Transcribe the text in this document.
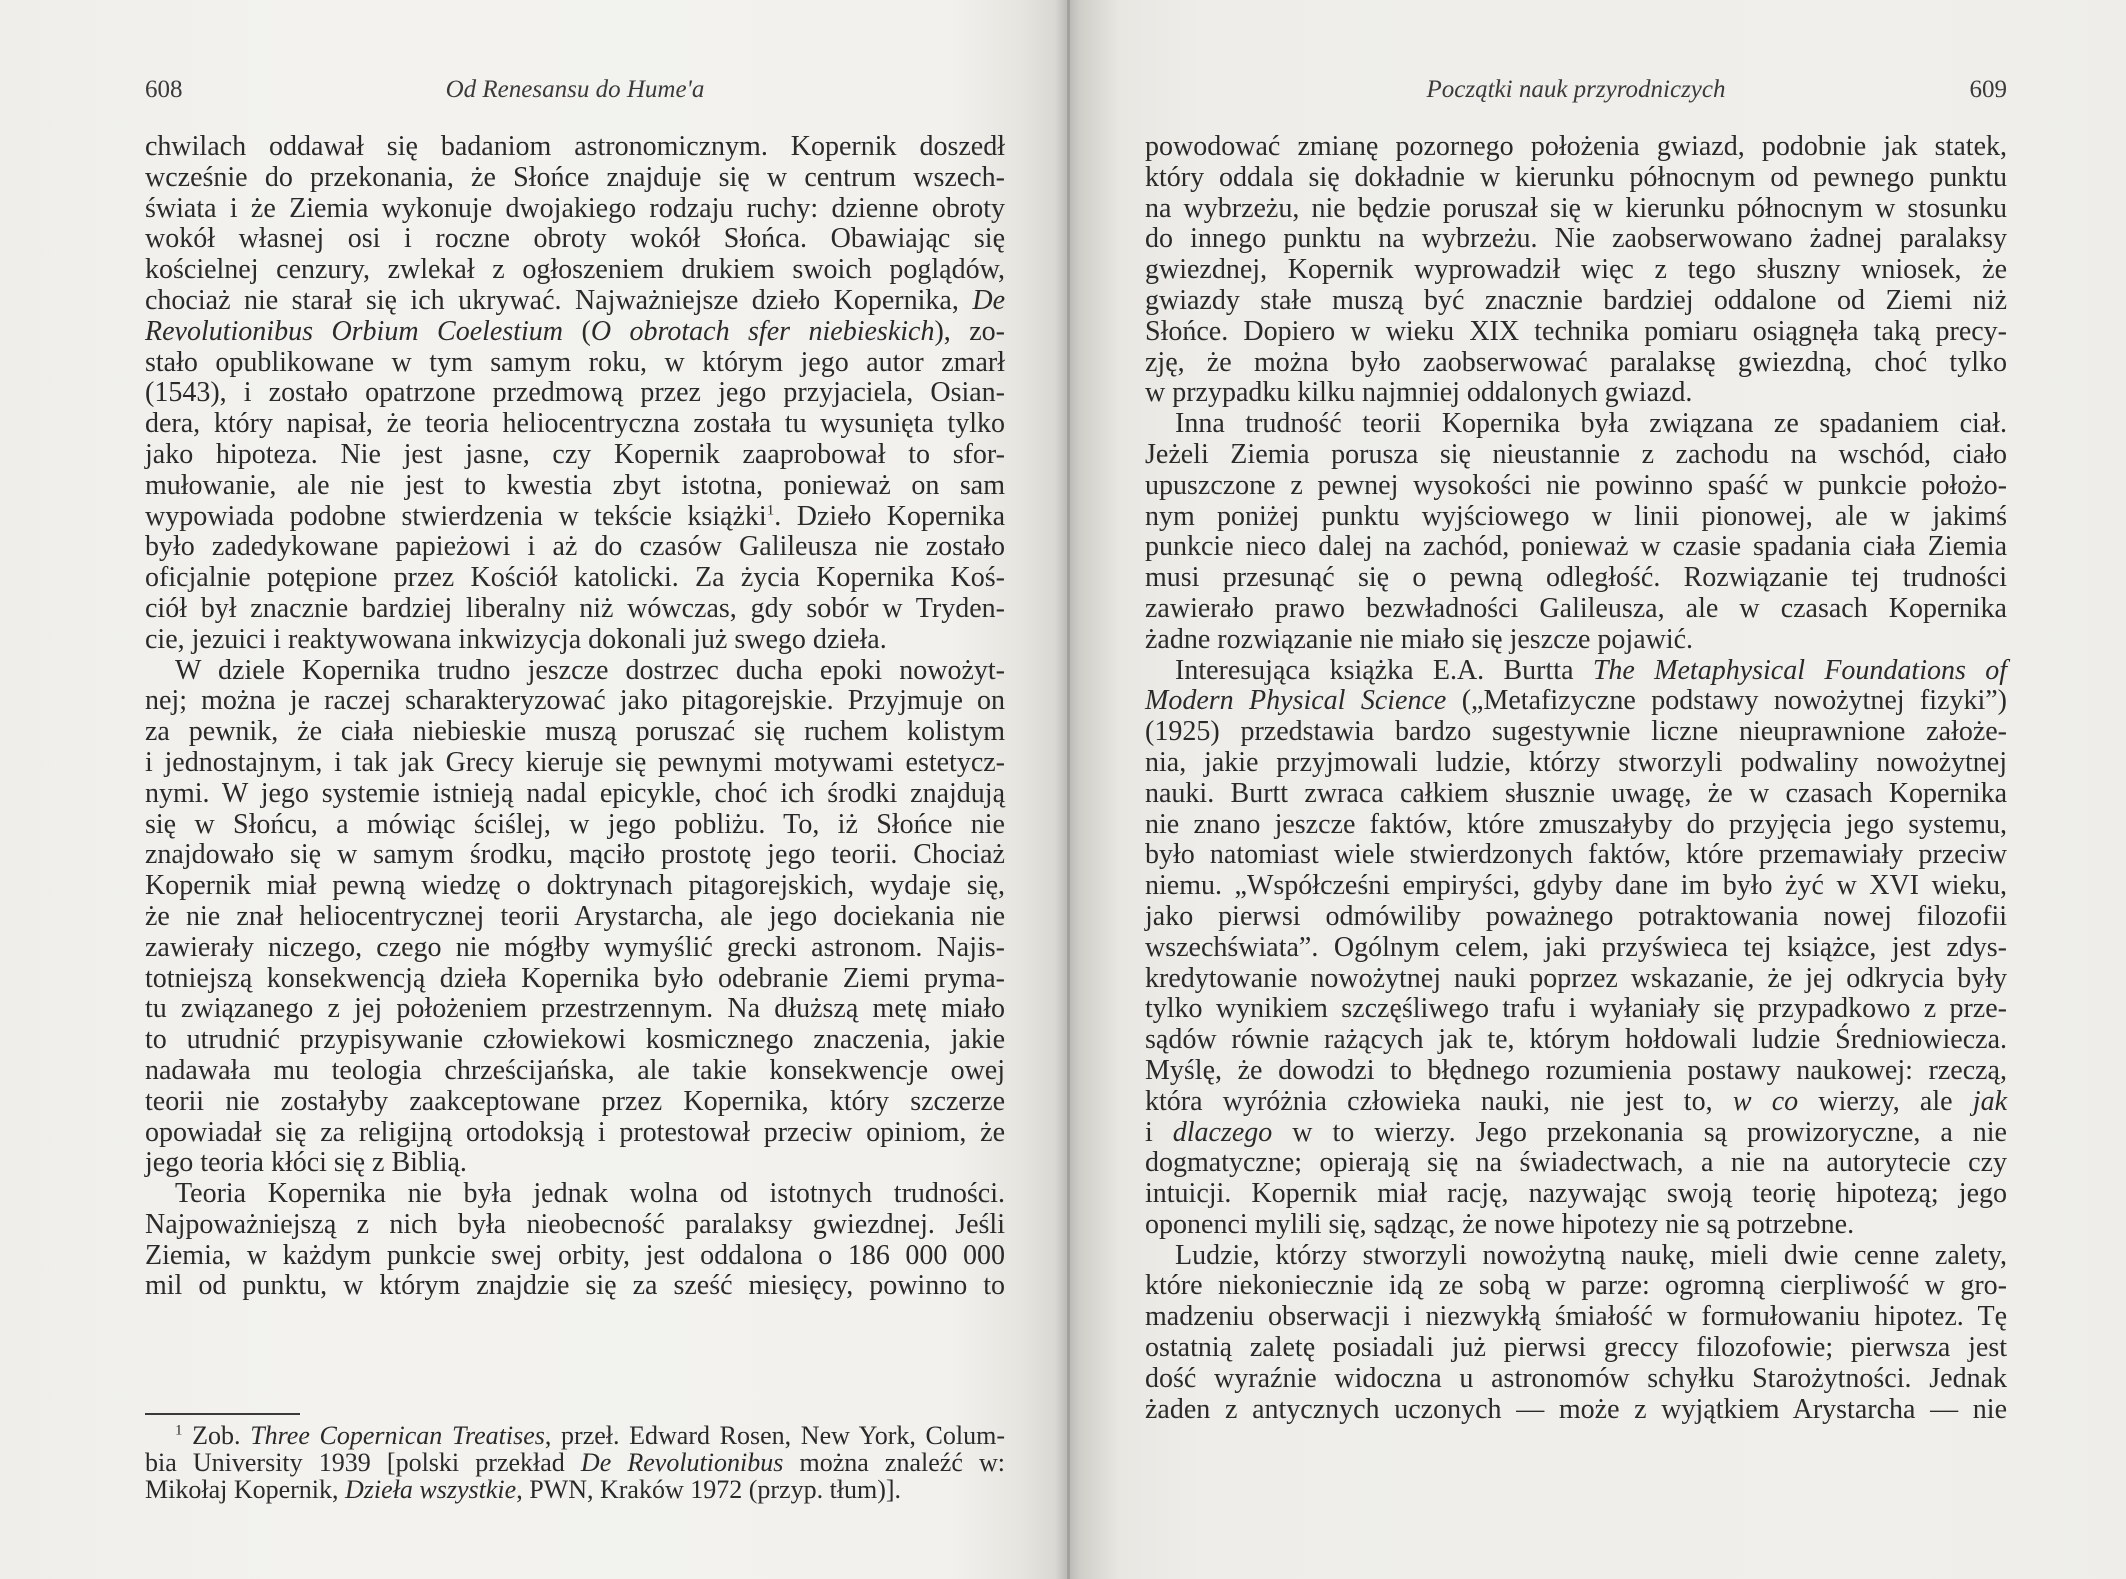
608	Od Renesansu do Hume'a
chwilach oddawał się badaniom astronomicznym. Kopernik doszedł
wcześnie do przekonania, że Słońce znajduje się w centrum wszech-
świata i że Ziemia wykonuje dwojakiego rodzaju ruchy: dzienne obroty
wokół własnej osi i roczne obroty wokół Słońca. Obawiając się
kościelnej cenzury, zwlekał z ogłoszeniem drukiem swoich poglądów,
chociaż nie starał się ich ukrywać. Najważniejsze dzieło Kopernika, De
Revolutionibus Orbium Coelestium (O obrotach sfer niebieskich), zo-
stało opublikowane w tym samym roku, w którym jego autor zmarł
(1543), i zostało opatrzone przedmową przez jego przyjaciela, Osian-
dera, który napisał, że teoria heliocentryczna została tu wysunięta tylko
jako hipoteza. Nie jest jasne, czy Kopernik zaaprobował to sfor-
mułowanie, ale nie jest to kwestia zbyt istotna, ponieważ on sam
wypowiada podobne stwierdzenia w tekście książki$^1$. Dzieło Kopernika
było zadedykowane papieżowi i aż do czasów Galileusza nie zostało
oficjalnie potępione przez Kościół katolicki. Za życia Kopernika Koś-
ciół był znacznie bardziej liberalny niż wówczas, gdy sobór w Tryden-
cie, jezuici i reaktywowana inkwizycja dokonali już swego dzieła.
W dziele Kopernika trudno jeszcze dostrzec ducha epoki nowożyt-
nej; można je raczej scharakteryzować jako pitagorejskie. Przyjmuje on
za pewnik, że ciała niebieskie muszą poruszać się ruchem kolistym
i jednostajnym, i tak jak Grecy kieruje się pewnymi motywami estetycz-
nymi. W jego systemie istnieją nadal epicykle, choć ich środki znajdują
się w Słońcu, a mówiąc ściślej, w jego pobliżu. To, iż Słońce nie
znajdowało się w samym środku, mąciło prostotę jego teorii. Chociaż
Kopernik miał pewną wiedzę o doktrynach pitagorejskich, wydaje się,
że nie znał heliocentrycznej teorii Arystarcha, ale jego dociekania nie
zawierały niczego, czego nie mógłby wymyślić grecki astronom. Najis-
totniejszą konsekwencją dzieła Kopernika było odebranie Ziemi pryma-
tu związanego z jej położeniem przestrzennym. Na dłuższą metę miało
to utrudnić przypisywanie człowiekowi kosmicznego znaczenia, jakie
nadawała mu teologia chrześcijańska, ale takie konsekwencje owej
teorii nie zostałyby zaakceptowane przez Kopernika, który szczerze
opowiadał się za religijną ortodoksją i protestował przeciw opiniom, że
jego teoria kłóci się z Biblią.
Teoria Kopernika nie była jednak wolna od istotnych trudności.
Najpoważniejszą z nich była nieobecność paralaksy gwiezdnej. Jeśli
Ziemia, w każdym punkcie swej orbity, jest oddalona o 186 000 000
mil od punktu, w którym znajdzie się za sześć miesięcy, powinno to
$^1$ Zob. Three Copernican Treatises, przeł. Edward Rosen, New York, Colum-
bia University 1939 [polski przekład De Revolutionibus można znaleźć w:
Mikołaj Kopernik, Dzieła wszystkie, PWN, Kraków 1972 (przyp. tłum)].
Początki nauk przyrodniczych	609
powodować zmianę pozornego położenia gwiazd, podobnie jak statek,
który oddala się dokładnie w kierunku północnym od pewnego punktu
na wybrzeżu, nie będzie poruszał się w kierunku północnym w stosunku
do innego punktu na wybrzeżu. Nie zaobserwowano żadnej paralaksy
gwiezdnej, Kopernik wyprowadził więc z tego słuszny wniosek, że
gwiazdy stałe muszą być znacznie bardziej oddalone od Ziemi niż
Słońce. Dopiero w wieku XIX technika pomiaru osiągnęła taką precy-
zję, że można było zaobserwować paralaksę gwiezdną, choć tylko
w przypadku kilku najmniej oddalonych gwiazd.
Inna trudność teorii Kopernika była związana ze spadaniem ciał.
Jeżeli Ziemia porusza się nieustannie z zachodu na wschód, ciało
upuszczone z pewnej wysokości nie powinno spaść w punkcie położo-
nym poniżej punktu wyjściowego w linii pionowej, ale w jakimś
punkcie nieco dalej na zachód, ponieważ w czasie spadania ciała Ziemia
musi przesunąć się o pewną odległość. Rozwiązanie tej trudności
zawierało prawo bezwładności Galileusza, ale w czasach Kopernika
żadne rozwiązanie nie miało się jeszcze pojawić.
Interesująca książka E.A. Burtta The Metaphysical Foundations of
Modern Physical Science („Metafizyczne podstawy nowożytnej fizyki”)
(1925) przedstawia bardzo sugestywnie liczne nieuprawnione założe-
nia, jakie przyjmowali ludzie, którzy stworzyli podwaliny nowożytnej
nauki. Burtt zwraca całkiem słusznie uwagę, że w czasach Kopernika
nie znano jeszcze faktów, które zmuszałyby do przyjęcia jego systemu,
było natomiast wiele stwierdzonych faktów, które przemawiały przeciw
niemu. „Współcześni empiryści, gdyby dane im było żyć w XVI wieku,
jako pierwsi odmówiliby poważnego potraktowania nowej filozofii
wszechświata”. Ogólnym celem, jaki przyświeca tej książce, jest zdys-
kredytowanie nowożytnej nauki poprzez wskazanie, że jej odkrycia były
tylko wynikiem szczęśliwego trafu i wyłaniały się przypadkowo z prze-
sądów równie rażących jak te, którym hołdowali ludzie Średniowiecza.
Myślę, że dowodzi to błędnego rozumienia postawy naukowej: rzeczą,
która wyróżnia człowieka nauki, nie jest to, w co wierzy, ale jak
i dlaczego w to wierzy. Jego przekonania są prowizoryczne, a nie
dogmatyczne; opierają się na świadectwach, a nie na autorytecie czy
intuicji. Kopernik miał rację, nazywając swoją teorię hipotezą; jego
oponenci mylili się, sądząc, że nowe hipotezy nie są potrzebne.
Ludzie, którzy stworzyli nowożytną naukę, mieli dwie cenne zalety,
które niekoniecznie idą ze sobą w parze: ogromną cierpliwość w gro-
madzeniu obserwacji i niezwykłą śmiałość w formułowaniu hipotez. Tę
ostatnią zaletę posiadali już pierwsi greccy filozofowie; pierwsza jest
dość wyraźnie widoczna u astronomów schyłku Starożytności. Jednak
żaden z antycznych uczonych — może z wyjątkiem Arystarcha — nie
